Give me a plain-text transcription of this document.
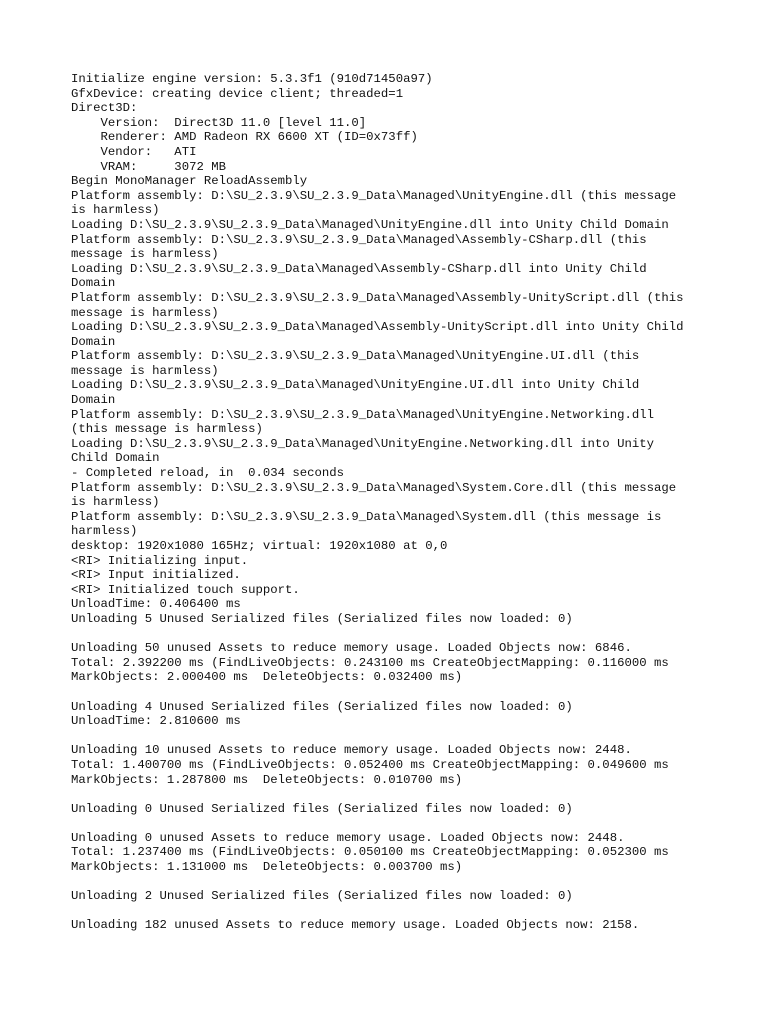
Initialize engine version: 5.3.3f1 (910d71450a97)
GfxDevice: creating device client; threaded=1
Direct3D:
Version:  Direct3D 11.0 [level 11.0]
Renderer: AMD Radeon RX 6600 XT (ID=0x73ff)
Vendor:   ATI
VRAM:     3072 MB
Begin MonoManager ReloadAssembly
Platform assembly: D:\SU_2.3.9\SU_2.3.9_Data\Managed\UnityEngine.dll (this message
is harmless)
Loading D:\SU_2.3.9\SU_2.3.9_Data\Managed\UnityEngine.dll into Unity Child Domain
Platform assembly: D:\SU_2.3.9\SU_2.3.9_Data\Managed\Assembly-CSharp.dll (this
message is harmless)
Loading D:\SU_2.3.9\SU_2.3.9_Data\Managed\Assembly-CSharp.dll into Unity Child
Domain
Platform assembly: D:\SU_2.3.9\SU_2.3.9_Data\Managed\Assembly-UnityScript.dll (this
message is harmless)
Loading D:\SU_2.3.9\SU_2.3.9_Data\Managed\Assembly-UnityScript.dll into Unity Child
Domain
Platform assembly: D:\SU_2.3.9\SU_2.3.9_Data\Managed\UnityEngine.UI.dll (this
message is harmless)
Loading D:\SU_2.3.9\SU_2.3.9_Data\Managed\UnityEngine.UI.dll into Unity Child
Domain
Platform assembly: D:\SU_2.3.9\SU_2.3.9_Data\Managed\UnityEngine.Networking.dll
(this message is harmless)
Loading D:\SU_2.3.9\SU_2.3.9_Data\Managed\UnityEngine.Networking.dll into Unity
Child Domain
- Completed reload, in  0.034 seconds
Platform assembly: D:\SU_2.3.9\SU_2.3.9_Data\Managed\System.Core.dll (this message
is harmless)
Platform assembly: D:\SU_2.3.9\SU_2.3.9_Data\Managed\System.dll (this message is
harmless)
desktop: 1920x1080 165Hz; virtual: 1920x1080 at 0,0
<RI> Initializing input.
<RI> Input initialized.
<RI> Initialized touch support.
UnloadTime: 0.406400 ms
Unloading 5 Unused Serialized files (Serialized files now loaded: 0)
Unloading 50 unused Assets to reduce memory usage. Loaded Objects now: 6846.
Total: 2.392200 ms (FindLiveObjects: 0.243100 ms CreateObjectMapping: 0.116000 ms
MarkObjects: 2.000400 ms  DeleteObjects: 0.032400 ms)
Unloading 4 Unused Serialized files (Serialized files now loaded: 0)
UnloadTime: 2.810600 ms
Unloading 10 unused Assets to reduce memory usage. Loaded Objects now: 2448.
Total: 1.400700 ms (FindLiveObjects: 0.052400 ms CreateObjectMapping: 0.049600 ms
MarkObjects: 1.287800 ms  DeleteObjects: 0.010700 ms)
Unloading 0 Unused Serialized files (Serialized files now loaded: 0)
Unloading 0 unused Assets to reduce memory usage. Loaded Objects now: 2448.
Total: 1.237400 ms (FindLiveObjects: 0.050100 ms CreateObjectMapping: 0.052300 ms
MarkObjects: 1.131000 ms  DeleteObjects: 0.003700 ms)
Unloading 2 Unused Serialized files (Serialized files now loaded: 0)
Unloading 182 unused Assets to reduce memory usage. Loaded Objects now: 2158.
